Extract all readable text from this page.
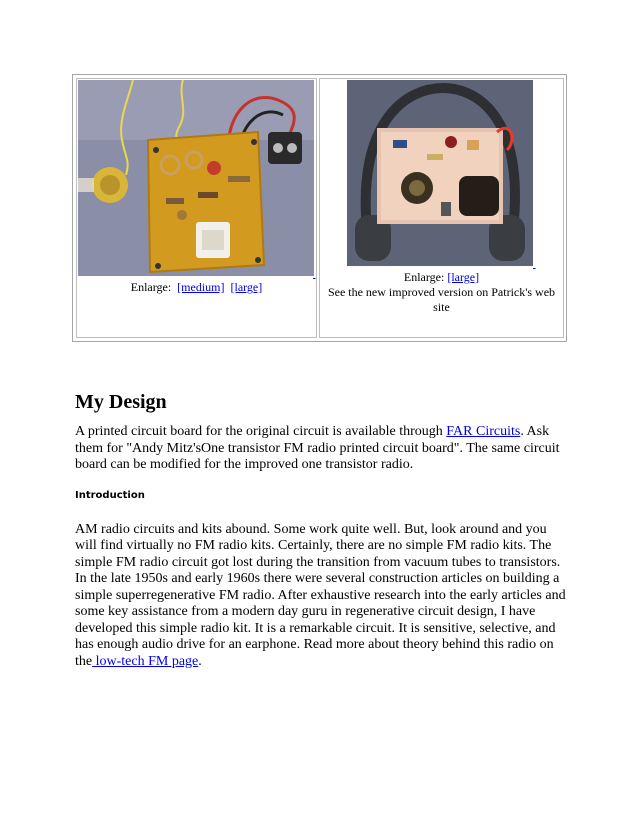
Enlarge: [medium] [large]

Enlarge: [large]
See the new improved version on Patrick's web site
My Design

A printed circuit board for the original circuit is available through FAR Circuits. Ask them for "Andy Mitz'sOne transistor FM radio printed circuit board". The same circuit board can be modified for the improved one transistor radio.

Introduction

AM radio circuits and kits abound. Some work quite well. But, look around and you will find virtually no FM radio kits. Certainly, there are no simple FM radio kits. The simple FM radio circuit got lost during the transition from vacuum tubes to transistors. In the late 1950s and early 1960s there were several construction articles on building a simple superregenerative FM radio. After exhaustive research into the early articles and some key assistance from a modern day guru in regenerative circuit design, I have developed this simple radio kit. It is a remarkable circuit. It is sensitive, selective, and has enough audio drive for an earphone. Read more about theory behind this radio on the low-tech FM page.
